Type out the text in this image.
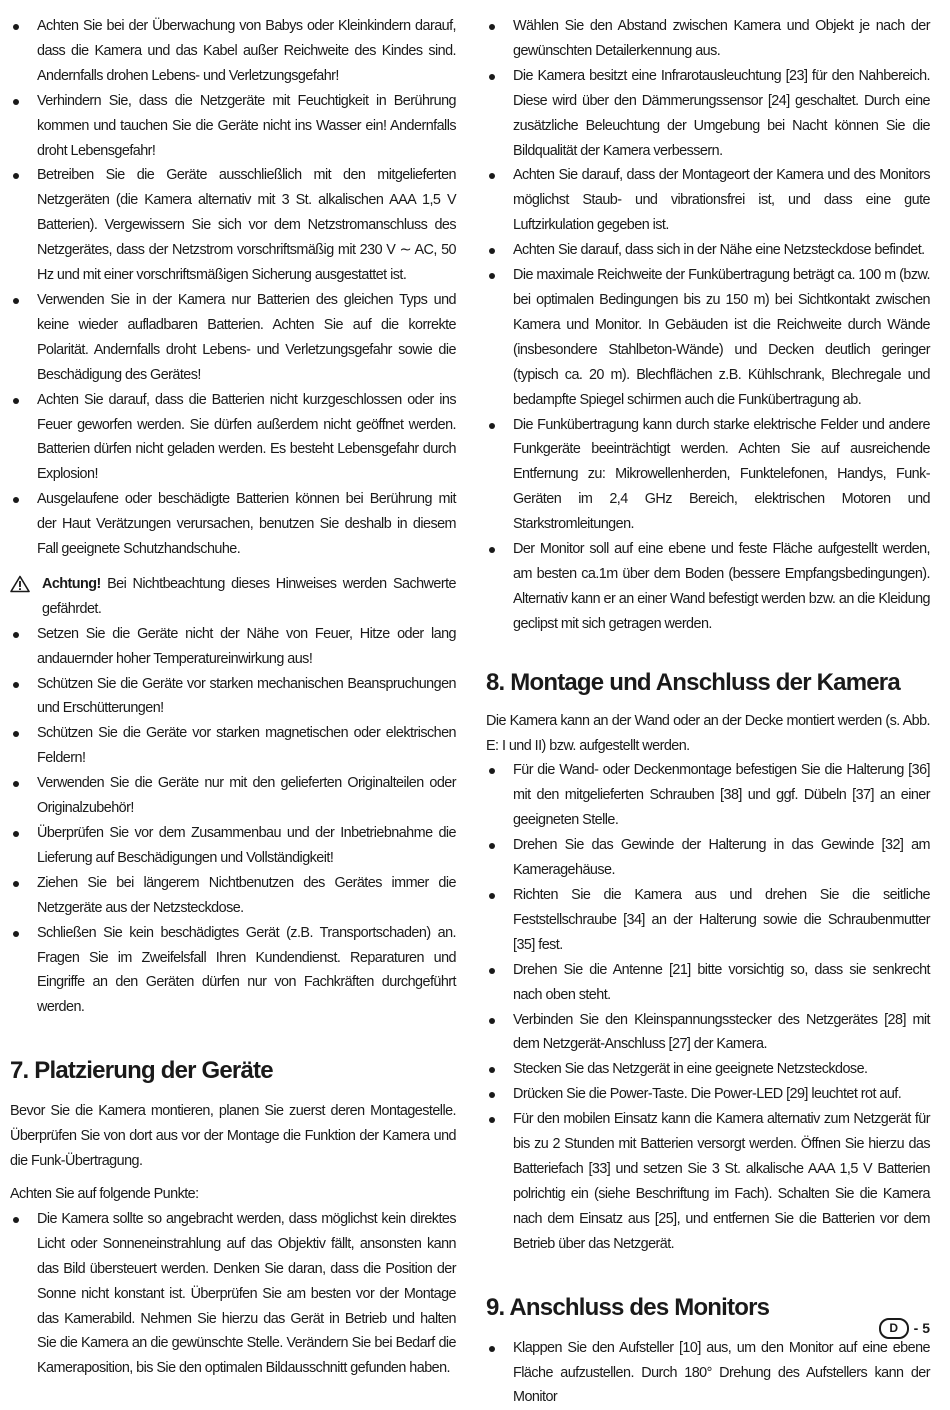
Achten Sie bei der Überwachung von Babys oder Kleinkindern darauf, dass die Kamera und das Kabel außer Reichweite des Kindes sind. Andernfalls drohen Lebens- und Verletzungsgefahr!
Verhindern Sie, dass die Netzgeräte mit Feuchtigkeit in Berührung kommen und tauchen Sie die Geräte nicht ins Wasser ein! Andernfalls droht Lebensgefahr!
Betreiben Sie die Geräte ausschließlich mit den mitgelieferten Netzgeräten (die Kamera alternativ mit 3 St. alkalischen AAA 1,5 V Batterien). Vergewissern Sie sich vor dem Netzstromanschluss des Netzgerätes, dass der Netzstrom vorschriftsmäßig mit 230 V ∼ AC, 50 Hz und mit einer vorschriftsmäßigen Sicherung ausgestattet ist.
Verwenden Sie in der Kamera nur Batterien des gleichen Typs und keine wieder aufladbaren Batterien. Achten Sie auf die korrekte Polarität. Andernfalls droht Lebens- und Verletzungsgefahr sowie die Beschädigung des Gerätes!
Achten Sie darauf, dass die Batterien nicht kurzgeschlossen oder ins Feuer geworfen werden. Sie dürfen außerdem nicht geöffnet werden. Batterien dürfen nicht geladen werden. Es besteht Lebensgefahr durch Explosion!
Ausgelaufene oder beschädigte Batterien können bei Berührung mit der Haut Verätzungen verursachen, benutzen Sie deshalb in diesem Fall geeignete Schutzhandschuhe.

Achtung! Bei Nichtbeachtung dieses Hinweises werden Sachwerte gefährdet.

Setzen Sie die Geräte nicht der Nähe von Feuer, Hitze oder lang andauernder hoher Temperatureinwirkung aus!
Schützen Sie die Geräte vor starken mechanischen Beanspruchungen und Erschütterungen!
Schützen Sie die Geräte vor starken magnetischen oder elektrischen Feldern!
Verwenden Sie die Geräte nur mit den gelieferten Originalteilen oder Originalzubehör!
Überprüfen Sie vor dem Zusammenbau und der Inbetriebnahme die Lieferung auf Beschädigungen und Vollständigkeit!
Ziehen Sie bei längerem Nichtbenutzen des Gerätes immer die Netzgeräte aus der Netzsteckdose.
Schließen Sie kein beschädigtes Gerät (z.B. Transportschaden) an. Fragen Sie im Zweifelsfall Ihren Kundendienst. Reparaturen und Eingriffe an den Geräten dürfen nur von Fachkräften durchgeführt werden.
7. Platzierung der Geräte

Bevor Sie die Kamera montieren, planen Sie zuerst deren Montagestelle. Überprüfen Sie von dort aus vor der Montage die Funktion der Kamera und die Funk-Übertragung.

Achten Sie auf folgende Punkte:

Die Kamera sollte so angebracht werden, dass möglichst kein direktes Licht oder Sonneneinstrahlung auf das Objektiv fällt, ansonsten kann das Bild übersteuert werden. Denken Sie daran, dass die Position der Sonne nicht konstant ist. Überprüfen Sie am besten vor der Montage das Kamerabild. Nehmen Sie hierzu das Gerät in Betrieb und halten Sie die Kamera an die gewünschte Stelle. Verändern Sie bei Bedarf die Kameraposition, bis Sie den optimalen Bildausschnitt gefunden haben.
Wählen Sie den Abstand zwischen Kamera und Objekt je nach der gewünschten Detailerkennung aus.
Die Kamera besitzt eine Infrarotausleuchtung [23] für den Nahbereich. Diese wird über den Dämmerungssensor [24] geschaltet. Durch eine zusätzliche Beleuchtung der Umgebung bei Nacht können Sie die Bildqualität der Kamera verbessern.
Achten Sie darauf, dass der Montageort der Kamera und des Monitors möglichst Staub- und vibrationsfrei ist, und dass eine gute Luftzirkulation gegeben ist.
Achten Sie darauf, dass sich in der Nähe eine Netzsteckdose befindet.
Die maximale Reichweite der Funkübertragung beträgt ca. 100 m (bzw. bei optimalen Bedingungen bis zu 150 m) bei Sichtkontakt zwischen Kamera und Monitor. In Gebäuden ist die Reichweite durch Wände (insbesondere Stahlbeton-Wände) und Decken deutlich geringer (typisch ca. 20 m). Blechflächen z.B. Kühlschrank, Blechregale und bedampfte Spiegel schirmen auch die Funkübertragung ab.
Die Funkübertragung kann durch starke elektrische Felder und andere Funkgeräte beeinträchtigt werden. Achten Sie auf ausreichende Entfernung zu: Mikrowellenherden, Funktelefonen, Handys, Funk-Geräten im 2,4 GHz Bereich, elektrischen Motoren und Starkstromleitungen.
Der Monitor soll auf eine ebene und feste Fläche aufgestellt werden, am besten ca.1m über dem Boden (bessere Empfangsbedingungen). Alternativ kann er an einer Wand befestigt werden bzw. an die Kleidung geclipst mit sich getragen werden.
8. Montage und Anschluss der Kamera

Die Kamera kann an der Wand oder an der Decke montiert werden (s. Abb. E: I und II) bzw. aufgestellt werden.

Für die Wand- oder Deckenmontage befestigen Sie die Halterung [36] mit den mitgelieferten Schrauben [38] und ggf. Dübeln [37] an einer geeigneten Stelle.
Drehen Sie das Gewinde der Halterung in das Gewinde [32] am Kameragehäuse.
Richten Sie die Kamera aus und drehen Sie die seitliche Feststellschraube [34] an der Halterung sowie die Schraubenmutter [35] fest.
Drehen Sie die Antenne [21] bitte vorsichtig so, dass sie senkrecht nach oben steht.
Verbinden Sie den Kleinspannungsstecker des Netzgerätes [28] mit dem Netzgerät-Anschluss [27] der Kamera.
Stecken Sie das Netzgerät in eine geeignete Netzsteckdose.
Drücken Sie die Power-Taste. Die Power-LED [29] leuchtet rot auf.
Für den mobilen Einsatz kann die Kamera alternativ zum Netzgerät für bis zu 2 Stunden mit Batterien versorgt werden. Öffnen Sie hierzu das Batteriefach [33] und setzen Sie 3 St. alkalische AAA 1,5 V Batterien polrichtig ein (siehe Beschriftung im Fach). Schalten Sie die Kamera nach dem Einsatz aus [25], und entfernen Sie die Batterien vor dem Betrieb über das Netzgerät.
9. Anschluss des Monitors
Klappen Sie den Aufsteller [10] aus, um den Monitor auf eine ebene Fläche aufzustellen. Durch 180° Drehung des Aufstellers kann der Monitor
D	- 5
